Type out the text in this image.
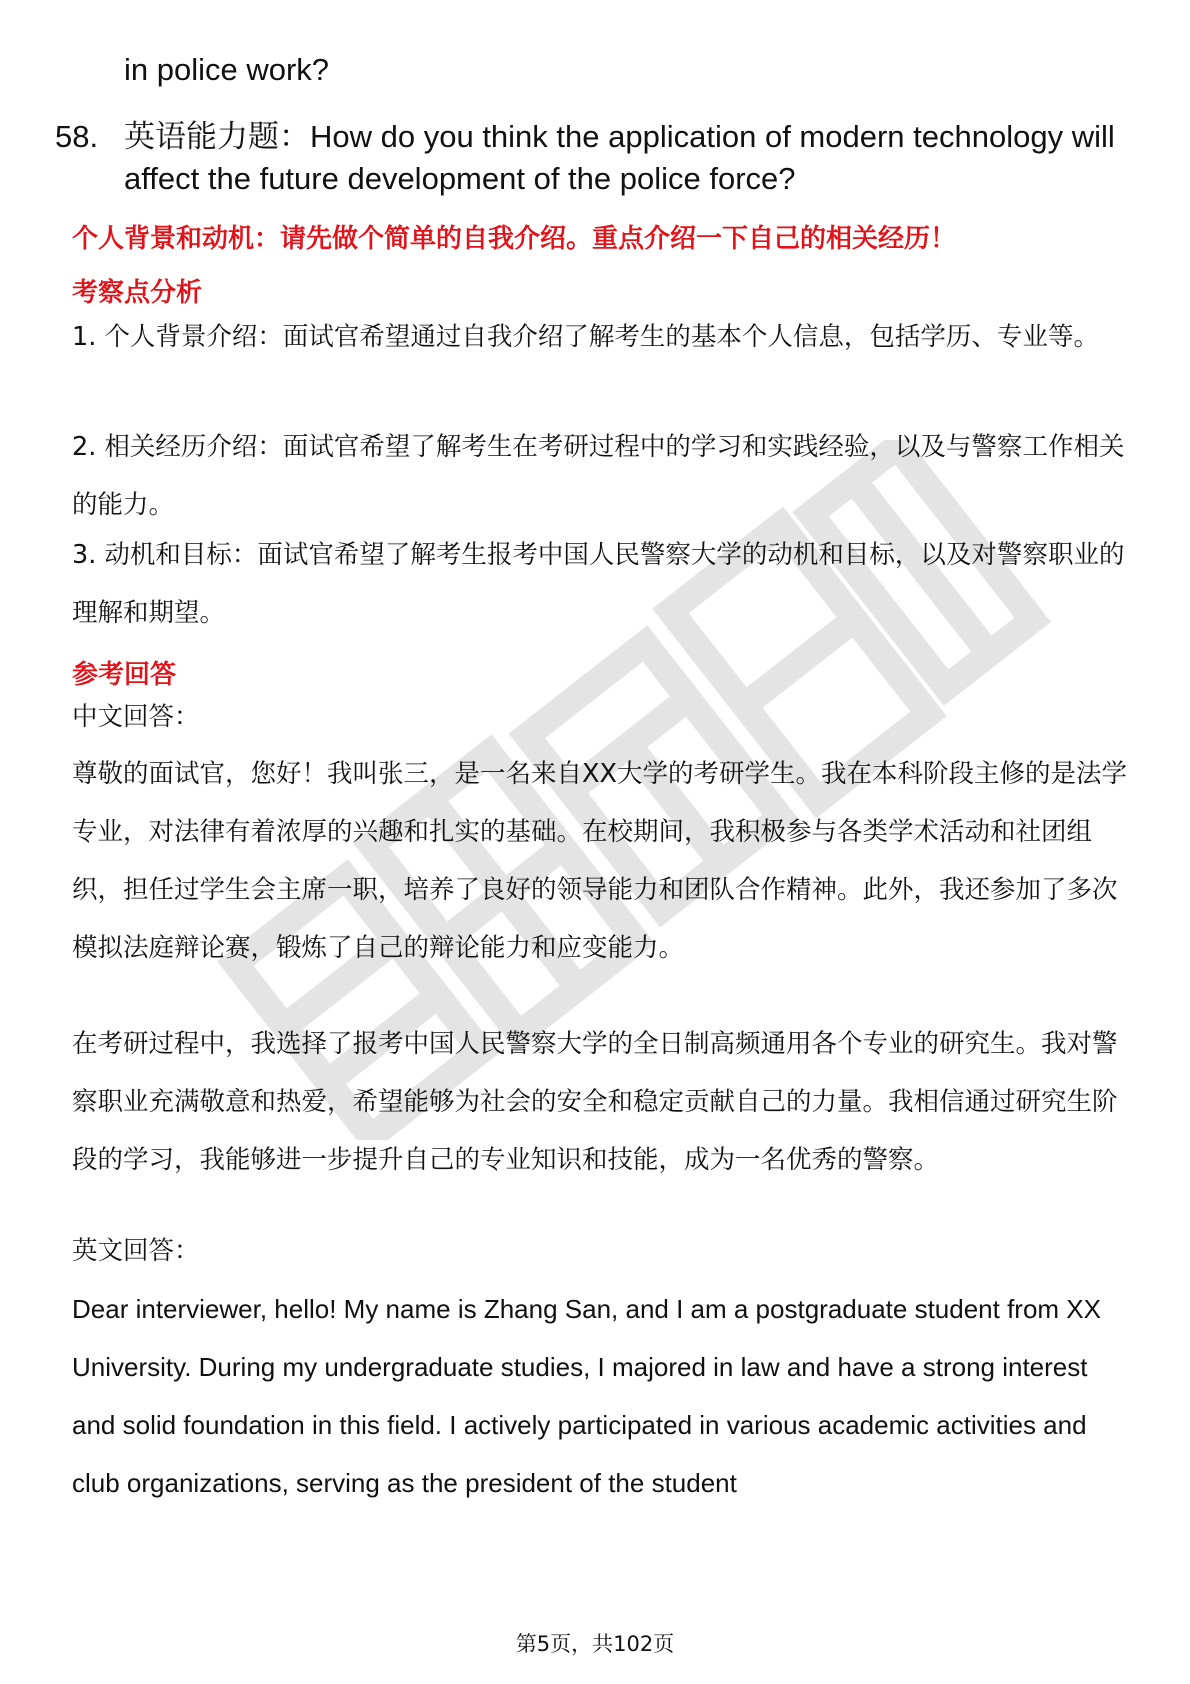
in police work?
58. 英语能力题：How do you think the application of modern technology will affect the future development of the police force?
个人背景和动机：请先做个简单的自我介绍。重点介绍一下自己的相关经历！
考察点分析
1. 个人背景介绍：面试官希望通过自我介绍了解考生的基本个人信息，包括学历、专业等。
2. 相关经历介绍：面试官希望了解考生在考研过程中的学习和实践经验，以及与警察工作相关的能力。
3. 动机和目标：面试官希望了解考生报考中国人民警察大学的动机和目标，以及对警察职业的理解和期望。
参考回答
中文回答：
尊敬的面试官，您好！我叫张三，是一名来自XX大学的考研学生。我在本科阶段主修的是法学专业，对法律有着浓厚的兴趣和扎实的基础。在校期间，我积极参与各类学术活动和社团组织，担任过学生会主席一职，培养了良好的领导能力和团队合作精神。此外，我还参加了多次模拟法庭辩论赛，锻炼了自己的辩论能力和应变能力。
在考研过程中，我选择了报考中国人民警察大学的全日制高频通用各个专业的研究生。我对警察职业充满敬意和热爱，希望能够为社会的安全和稳定贡献自己的力量。我相信通过研究生阶段的学习，我能够进一步提升自己的专业知识和技能，成为一名优秀的警察。
英文回答：
Dear interviewer, hello! My name is Zhang San, and I am a postgraduate student from XX University. During my undergraduate studies, I majored in law and have a strong interest and solid foundation in this field. I actively participated in various academic activities and club organizations, serving as the president of the student
第5页，共102页
